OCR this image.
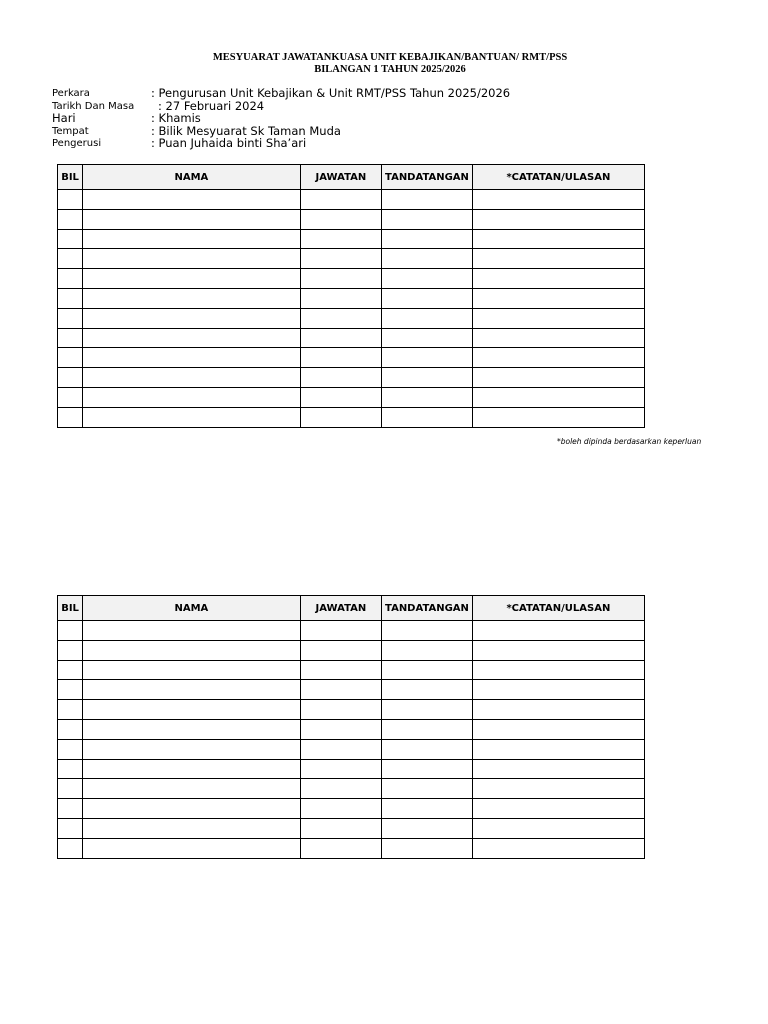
MESYUARAT JAWATANKUASA UNIT KEBAJIKAN/BANTUAN/ RMT/PSS
BILANGAN 1 TAHUN 2025/2026
Perkara	: Pengurusan Unit Kebajikan & Unit RMT/PSS Tahun 2025/2026
Tarikh Dan Masa : 27 Februari 2024
Hari	: Khamis
Tempat	: Bilik Mesyuarat Sk Taman Muda
Pengerusi	: Puan Juhaida binti Sha’ari
BIL	NAMA	JAWATAN	TANDATANGAN	*CATATAN/ULASAN

*boleh dipinda berdasarkan keperluan
BIL	NAMA	JAWATAN	TANDATANGAN	*CATATAN/ULASAN
